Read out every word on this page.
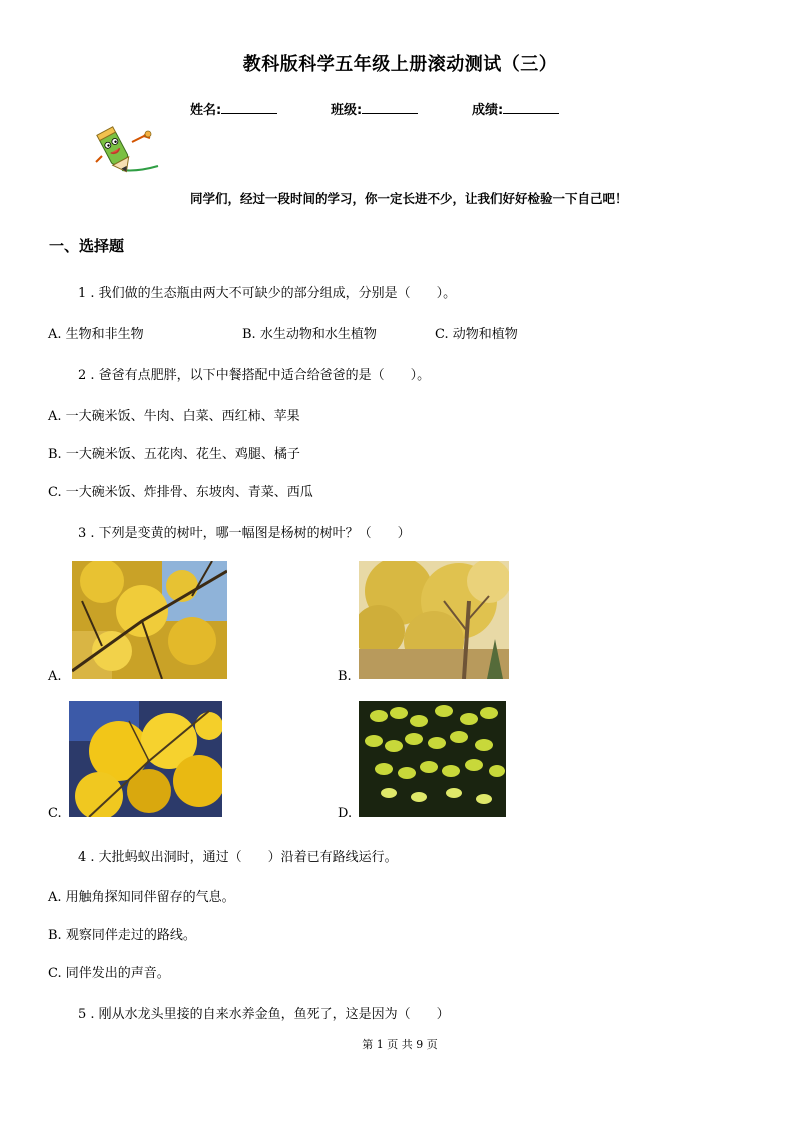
教科版科学五年级上册滚动测试（三）
姓名:	班级:	成绩:
同学们，经过一段时间的学习，你一定长进不少，让我们好好检验一下自己吧！
一、选择题
1 . 我们做的生态瓶由两大不可缺少的部分组成，分别是（　　）。
A. 生物和非生物	B. 水生动物和水生植物	C. 动物和植物
2 . 爸爸有点肥胖，以下中餐搭配中适合给爸爸的是（　　）。
A. 一大碗米饭、牛肉、白菜、西红柿、苹果
B. 一大碗米饭、五花肉、花生、鸡腿、橘子
C. 一大碗米饭、炸排骨、东坡肉、青菜、西瓜
3 . 下列是变黄的树叶，哪一幅图是杨树的树叶？（　　）
A.	B.
C.	D.
4 . 大批蚂蚁出洞时，通过（　　）沿着已有路线运行。
A. 用触角探知同伴留存的气息。
B. 观察同伴走过的路线。
C. 同伴发出的声音。
5 . 刚从水龙头里接的自来水养金鱼，鱼死了，这是因为（　　）
第 1 页 共 9 页
